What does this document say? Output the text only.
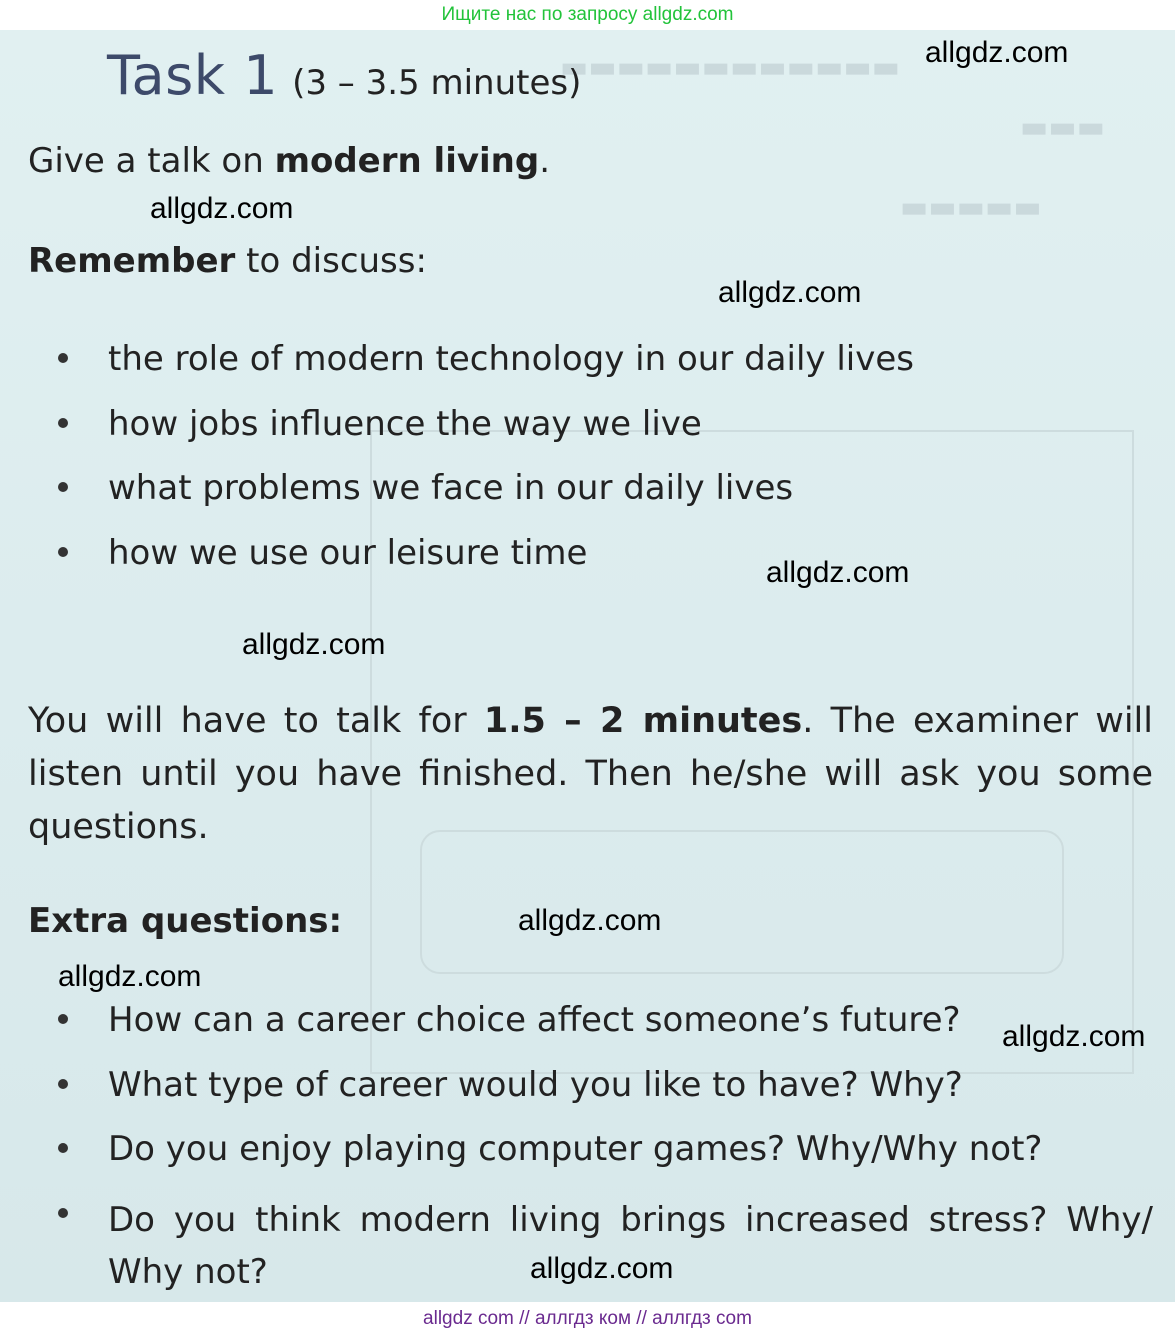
Ищите нас по запросу allgdz.com
▬▬▬▬▬▬▬▬▬▬▬▬
▬▬▬
▬▬▬▬▬
Task 1 (3 – 3.5 minutes)
Give a talk on modern living.
Remember to discuss:
the role of modern technology in our daily lives
how jobs influence the way we live
what problems we face in our daily lives
how we use our leisure time
You will have to talk for 1.5 – 2 minutes. The examiner will listen until you have finished. Then he/she will ask you some questions.
Extra questions:
How can a career choice affect someone’s future?
What type of career would you like to have? Why?
Do you enjoy playing computer games? Why/Why not?
Do you think modern living brings increased stress? Why/ Why not?
allgdz.com
allgdz.com
allgdz.com
allgdz.com
allgdz.com
allgdz.com
allgdz.com
allgdz.com
allgdz.com
allgdz com // аллгдз ком // аллгдз com
